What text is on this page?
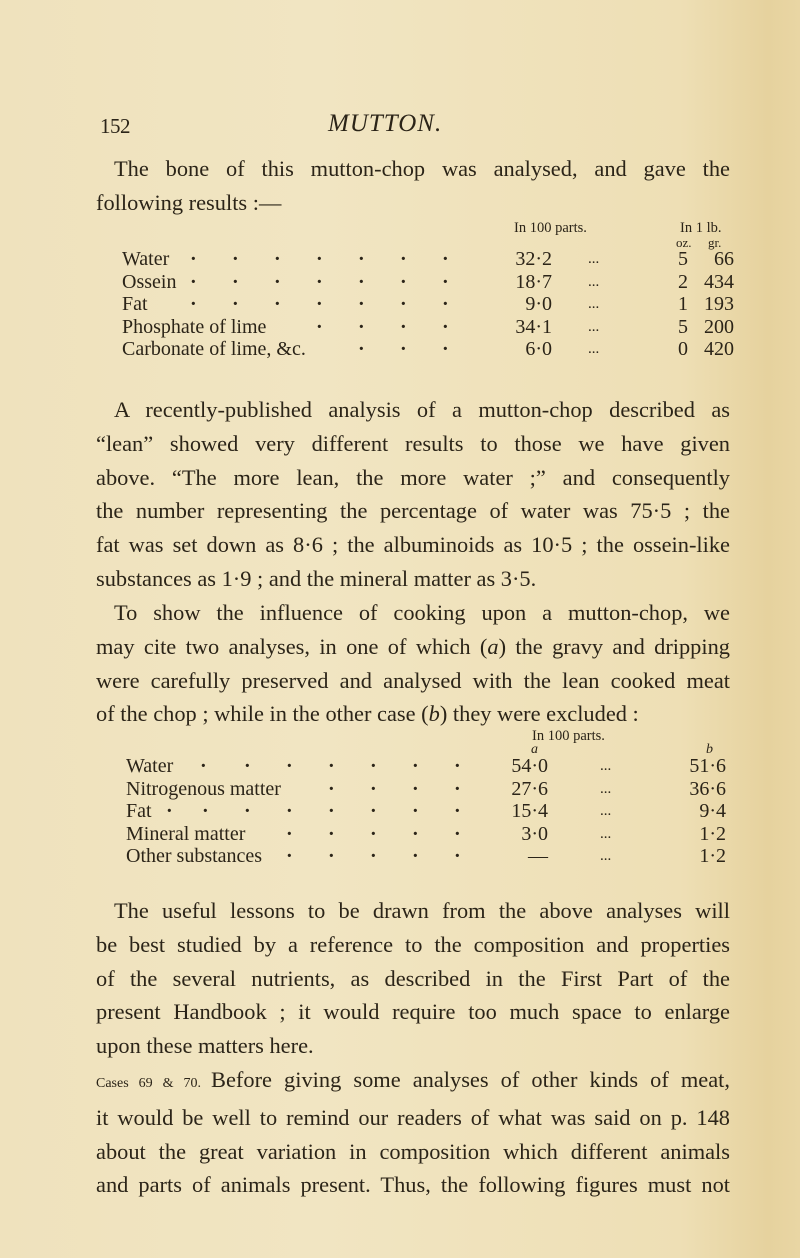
152	MUTTON.

The bone of this mutton-chop was analysed, and gave the
following results :—

In 100 parts.	In 1 lb.
oz. gr.
Water · · · · · · ·	32·2 ...	5	66
Ossein · · · · · · ·	18·7 ...	2 434
Fat · · · · · · ·	9·0 ...	1 193
Phosphate of lime · · · ·	34·1 ...	5 200
Carbonate of lime, &c.	· · ·	6·0 ...	0 420

A recently-published analysis of a mutton-chop described as
“lean” showed very different results to those we have given
above. “The more lean, the more water ;” and consequently
the number representing the percentage of water was 75·5 ; the
fat was set down as 8·6 ; the albuminoids as 10·5 ; the ossein-like
substances as 1·9 ; and the mineral matter as 3·5.

To show the influence of cooking upon a mutton-chop, we
may cite two analyses, in one of which (a) the gravy and dripping
were carefully preserved and analysed with the lean cooked meat
of the chop ; while in the other case (b) they were excluded :

In 100 parts.
a	b
Water · · · · · · ·	54·0	...	51·6
Nitrogenous matter · · · ·	27·6	...	36·6
Fat · · · · · · · ·	15·4	...	9·4
Mineral matter · · · · ·	3·0	...	1·2
Other substances · · · · ·	—	...	1·2

The useful lessons to be drawn from the above analyses will
be best studied by a reference to the composition and properties
of the several nutrients, as described in the First Part of the
present Handbook ; it would require too much space to enlarge
upon these matters here.

Cases 69 & 70. Before giving some analyses of other kinds of meat,
it would be well to remind our readers of what was said on p. 148
about the great variation in composition which different animals
and parts of animals present. Thus, the following figures must not
